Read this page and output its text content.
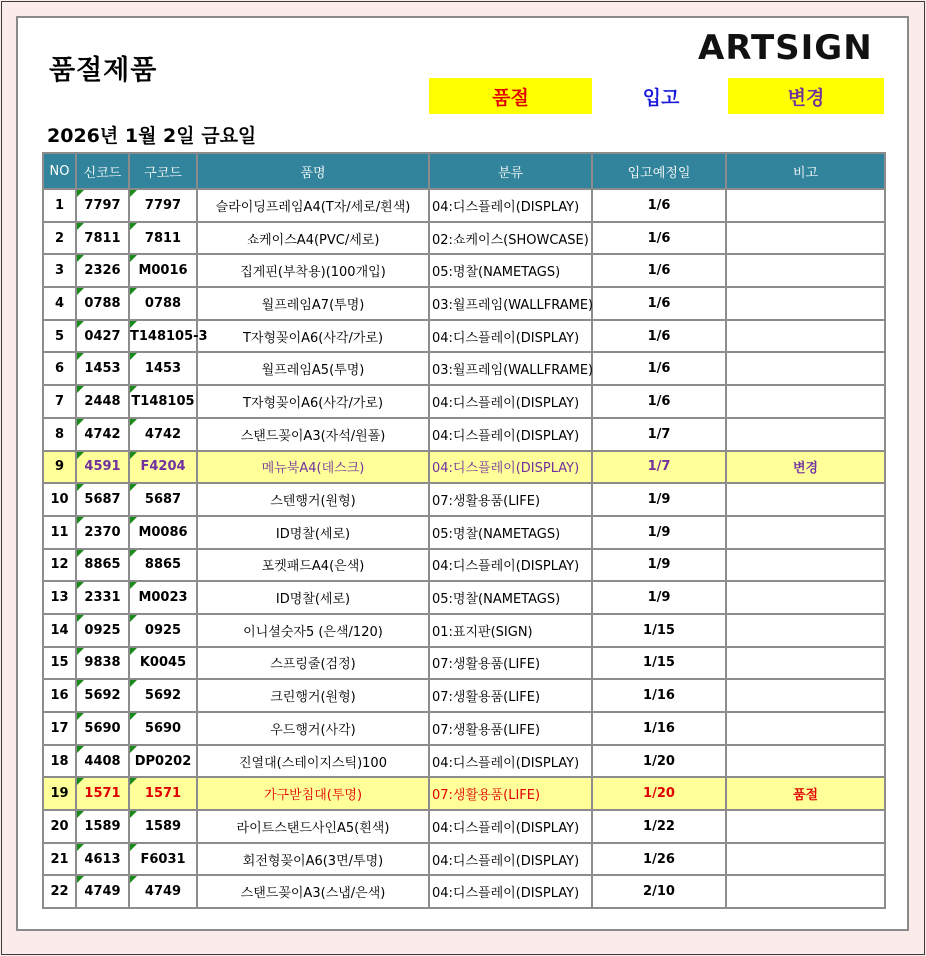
품절제품
ARTSIGN
품절	입고	변경
2026년 1월 2일 금요일
NO	신코드	구코드	품명	분류	입고예정일	비고
1	7797	7797	슬라이딩프레임A4(T자/세로/흰색)	04:디스플레이(DISPLAY)	1/6	
2	7811	7811	쇼케이스A4(PVC/세로)	02:쇼케이스(SHOWCASE)	1/6	
3	2326	M0016	집게핀(부착용)(100개입)	05:명찰(NAMETAGS)	1/6	
4	0788	0788	월프레임A7(투명)	03:월프레임(WALLFRAME)	1/6	
5	0427	T148105-3	T자형꽂이A6(사각/가로)	04:디스플레이(DISPLAY)	1/6	
6	1453	1453	월프레임A5(투명)	03:월프레임(WALLFRAME)	1/6	
7	2448	T148105	T자형꽂이A6(사각/가로)	04:디스플레이(DISPLAY)	1/6	
8	4742	4742	스탠드꽂이A3(자석/원폴)	04:디스플레이(DISPLAY)	1/7	
9	4591	F4204	메뉴북A4(데스크)	04:디스플레이(DISPLAY)	1/7	변경
10	5687	5687	스텐행거(원형)	07:생활용품(LIFE)	1/9	
11	2370	M0086	ID명찰(세로)	05:명찰(NAMETAGS)	1/9	
12	8865	8865	포켓패드A4(은색)	04:디스플레이(DISPLAY)	1/9	
13	2331	M0023	ID명찰(세로)	05:명찰(NAMETAGS)	1/9	
14	0925	0925	이니셜숫자5 (은색/120)	01:표지판(SIGN)	1/15	
15	9838	K0045	스프링줄(검정)	07:생활용품(LIFE)	1/15	
16	5692	5692	크린행거(원형)	07:생활용품(LIFE)	1/16	
17	5690	5690	우드행거(사각)	07:생활용품(LIFE)	1/16	
18	4408	DP0202	진열대(스테이지스틱)100	04:디스플레이(DISPLAY)	1/20	
19	1571	1571	가구받침대(투명)	07:생활용품(LIFE)	1/20	품절
20	1589	1589	라이트스탠드사인A5(흰색)	04:디스플레이(DISPLAY)	1/22	
21	4613	F6031	회전형꽂이A6(3면/투명)	04:디스플레이(DISPLAY)	1/26	
22	4749	4749	스탠드꽂이A3(스냅/은색)	04:디스플레이(DISPLAY)	2/10	
